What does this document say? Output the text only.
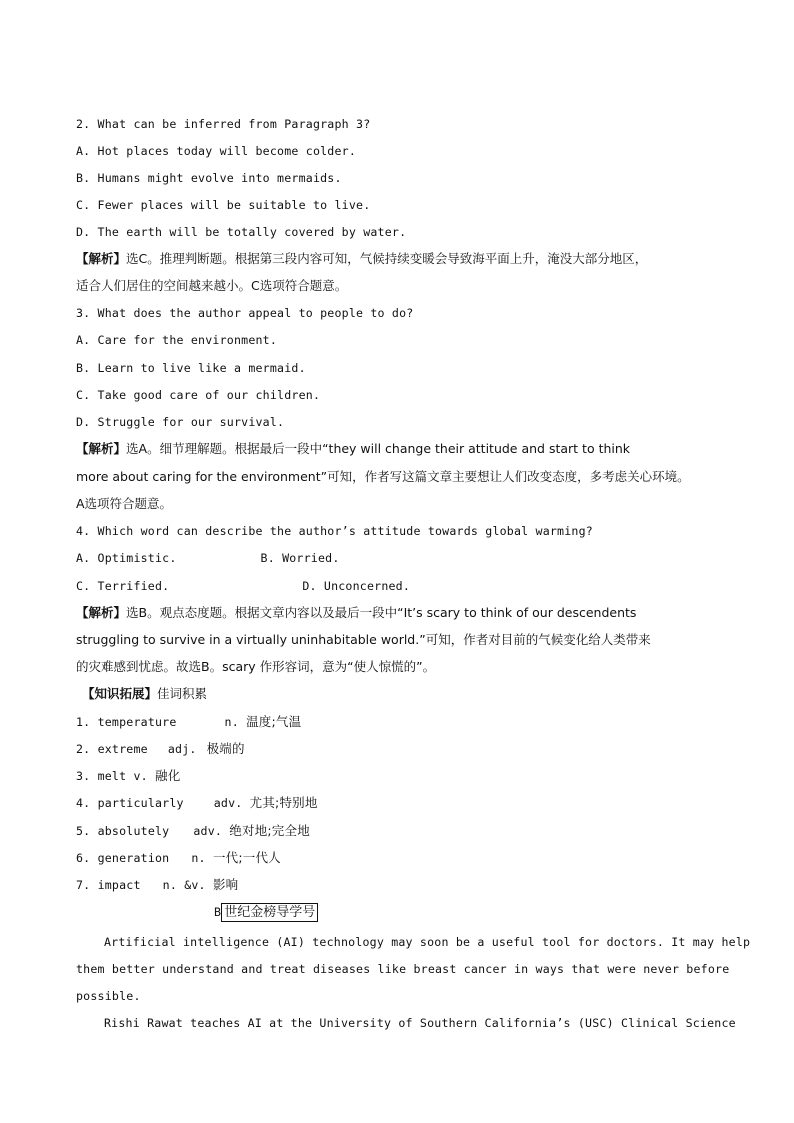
2. What can be inferred from Paragraph 3?
A. Hot places today will become colder.
B. Humans might evolve into mermaids.
C. Fewer places will be suitable to live.
D. The earth will be totally covered by water.
【解析】选C。推理判断题。根据第三段内容可知，气候持续变暖会导致海平面上升，淹没大部分地区，
适合人们居住的空间越来越小。C选项符合题意。
3. What does the author appeal to people to do?
A. Care for the environment.
B. Learn to live like a mermaid.
C. Take good care of our children.
D. Struggle for our survival.
【解析】选A。细节理解题。根据最后一段中“they will change their attitude and start to think
more about caring for the environment”可知，作者写这篇文章主要想让人们改变态度，多考虑关心环境。
A选项符合题意。
4. Which word can describe the author’s attitude towards global warming?
A. Optimistic.	B. Worried.
C. Terrified.	D. Unconcerned.
【解析】选B。观点态度题。根据文章内容以及最后一段中“It’s scary to think of our descendents
struggling to survive in a virtually uninhabitable world.”可知，作者对目前的气候变化给人类带来
的灾难感到忧虑。故选B。scary 作形容词，意为“使人惊慌的”。
【知识拓展】佳词积累
1. temperature	n. 温度;气温
2. extreme adj. 极端的
3. melt v. 融化
4. particularly	adv. 尤其;特别地
5. absolutely adv. 绝对地;完全地
6. generation n. 一代;一代人
7. impact n. &v. 影响
B 世纪金榜导学号
Artificial intelligence (AI) technology may soon be a useful tool for doctors. It may help
them better understand and treat diseases like breast cancer in ways that were never before
possible.
Rishi Rawat teaches AI at the University of Southern California’s (USC) Clinical Science
